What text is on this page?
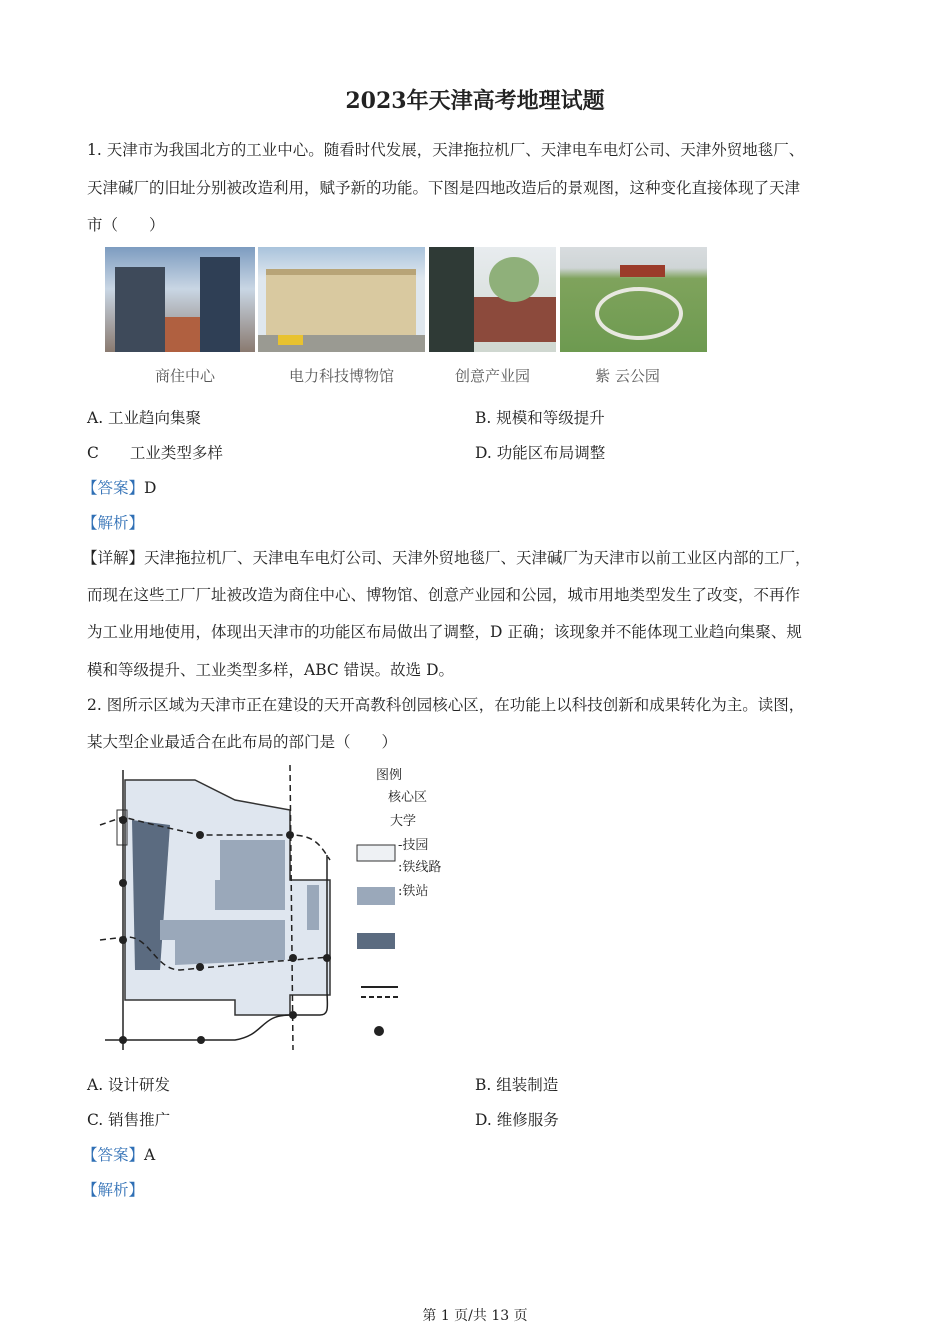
2023年天津高考地理试题
1. 天津市为我国北方的工业中心。随看时代发展，天津拖拉机厂、天津电车电灯公司、天津外贸地毯厂、
天津碱厂的旧址分别被改造利用，赋予新的功能。下图是四地改造后的景观图，这种变化直接体现了天津
市（　　）
商住中心	电力科技博物馆	创意产业园	紫 云公园
A. 工业趋向集聚	B. 规模和等级提升
C　　工业类型多样	D. 功能区布局调整
【答案】D
【解析】
【详解】天津拖拉机厂、天津电车电灯公司、天津外贸地毯厂、天津碱厂为天津市以前工业区内部的工厂，
而现在这些工厂厂址被改造为商住中心、博物馆、创意产业园和公园，城市用地类型发生了改变，不再作
为工业用地使用，体现出天津市的功能区布局做出了调整，D 正确；该现象并不能体现工业趋向集聚、规
模和等级提升、工业类型多样，ABC 错误。故选 D。
2. 图所示区域为天津市正在建设的天开高教科创园核心区，在功能上以科技创新和成果转化为主。读图，
某大型企业最适合在此布局的部门是（　　）
图例
核心区
大学
-技园
:铁线路
:铁站
A. 设计研发	B. 组装制造
C. 销售推广	D. 维修服务
【答案】A
【解析】
第 1 页/共 13 页
